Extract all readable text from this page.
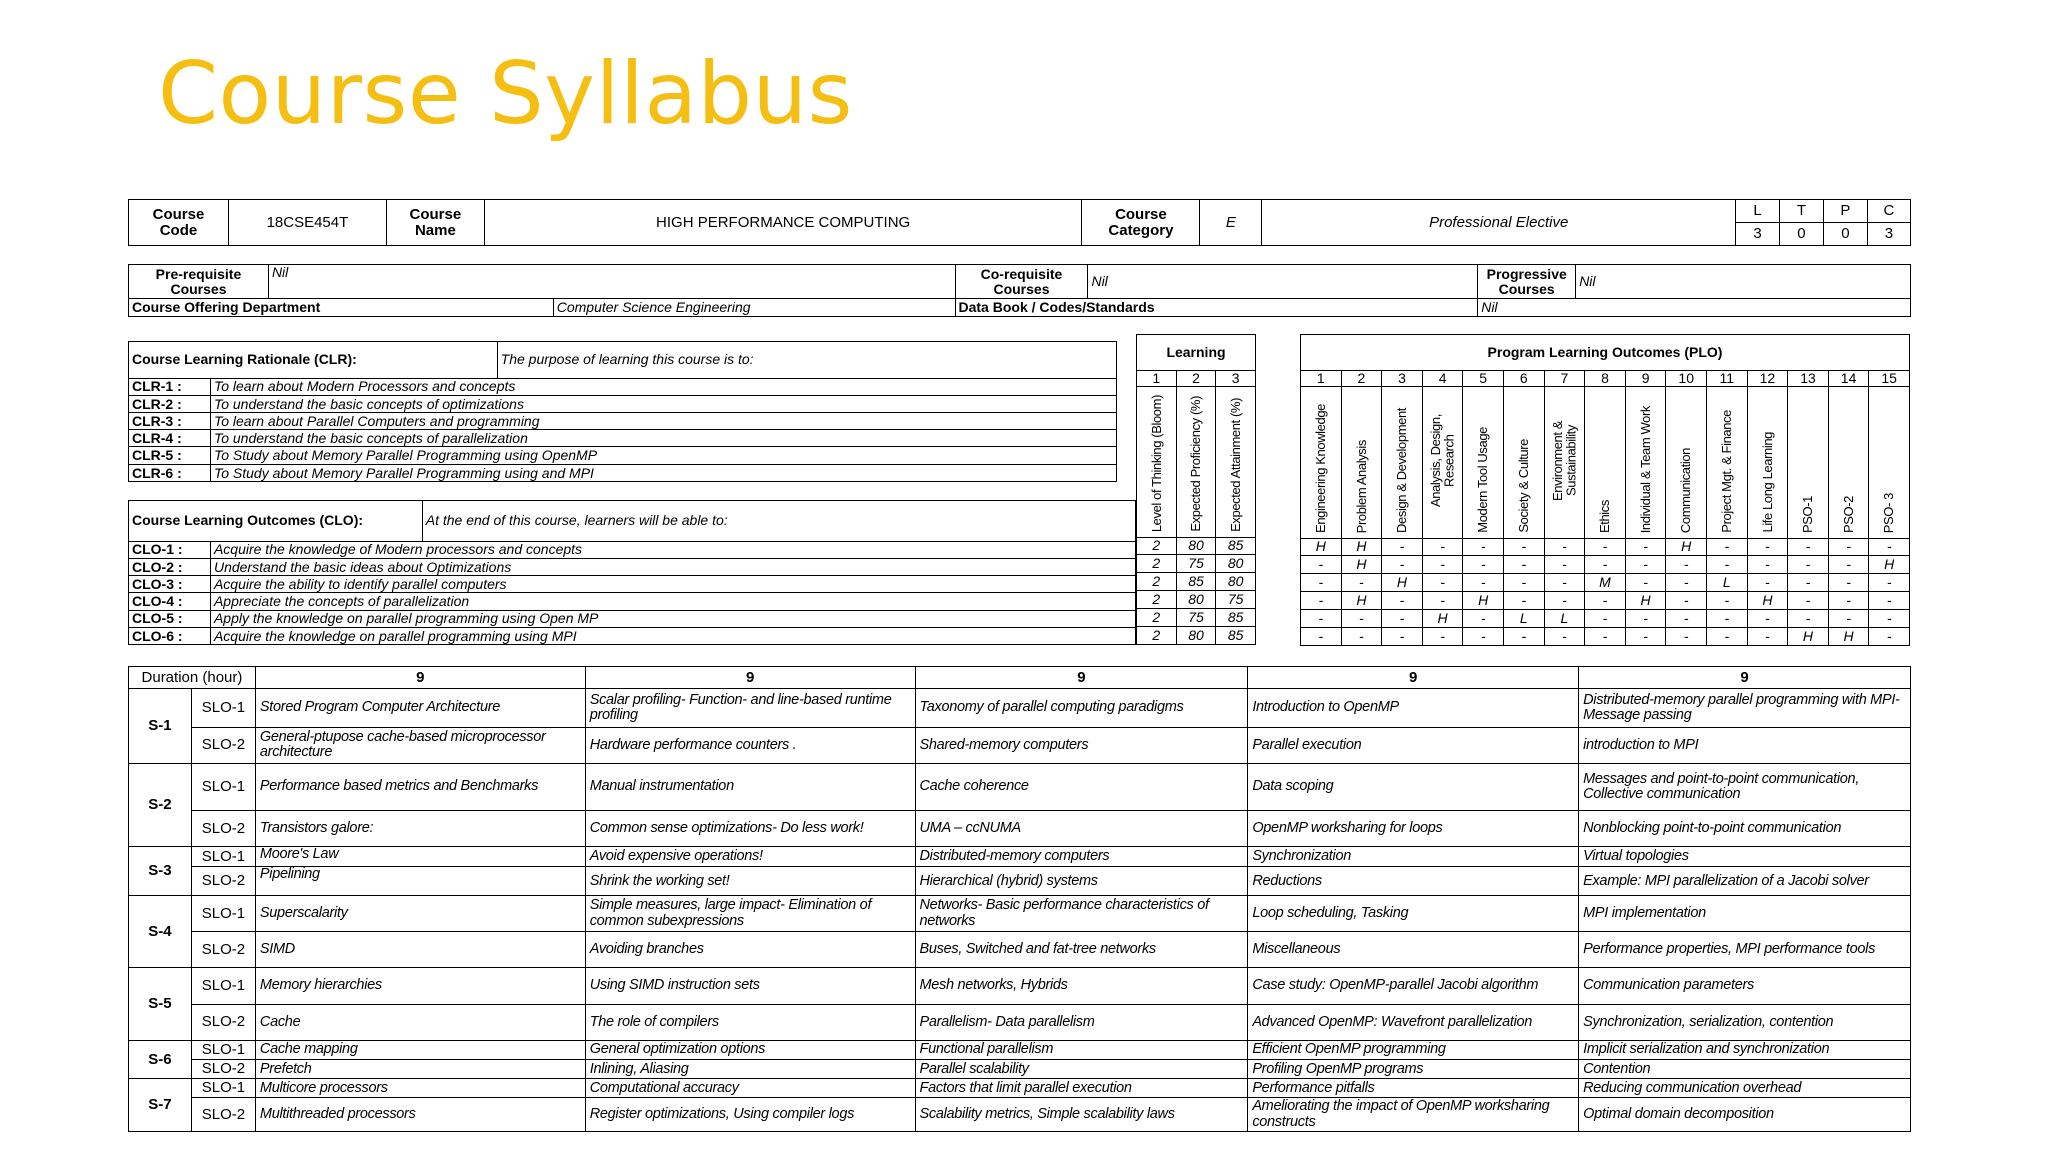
Course Syllabus
Course Code	18CSE454T	Course Name	HIGH PERFORMANCE COMPUTING	Course Category	E	Professional Elective	L	T	P	C
							3	0	0	3
Pre-requisite Courses	Nil		Co-requisite Courses	Nil	Progressive Courses	Nil
Course Offering Department		Computer Science Engineering	Data Book / Codes/Standards		Nil	
Course Learning Rationale (CLR):		The purpose of learning this course is to:
CLR-1 :	To learn about Modern Processors and concepts	
CLR-2 :	To understand the basic concepts of optimizations	
CLR-3 :	To learn about Parallel Computers and programming	
CLR-4 :	To understand the basic concepts of parallelization	
CLR-5 :	To Study about Memory Parallel Programming using OpenMP	
CLR-6 :	To Study about Memory Parallel Programming using and MPI	
Course Learning Outcomes (CLO):		At the end of this course, learners will be able to:
CLO-1 :	Acquire the knowledge of Modern processors and concepts	
CLO-2 :	Understand the basic ideas about Optimizations	
CLO-3 :	Acquire the ability to identify parallel computers	
CLO-4 :	Appreciate the concepts of parallelization	
CLO-5 :	Apply the knowledge on parallel programming using Open MP	
CLO-6 :	Acquire the knowledge on parallel programming using MPI	
Learning		
1	2	3
Level of Thinking (Bloom)	Expected Proficiency (%)	Expected Attainment (%)
2	80	85
2	75	80
2	85	80
2	80	75
2	75	85
2	80	85
Program Learning Outcomes (PLO)														
1	2	3	4	5	6	7	8	9	10	11	12	13	14	15
Engineering Knowledge	Problem Analysis	Design & Development	Analysis, Design, Research	Modern Tool Usage	Society & Culture	Environment & Sustainability	Ethics	Individual & Team Work	Communication	Project Mgt. & Finance	Life Long Learning	PSO-1	PSO-2	PSO- 3
H	H	-	-	-	-	-	-	-	H	-	-	-	-	-
-	H	-	-	-	-	-	-	-	-	-	-	-	-	H
-	-	H	-	-	-	-	M	-	-	L	-	-	-	-
-	H	-	-	H	-	-	-	H	-	-	H	-	-	-
-	-	-	H	-	L	L	-	-	-	-	-	-	-	-
-	-	-	-	-	-	-	-	-	-	-	-	H	H	-
Duration (hour)		9	9	9	9	9
S-1	SLO-1	Stored Program Computer Architecture	Scalar profiling- Function- and line-based runtime profiling	Taxonomy of parallel computing paradigms	Introduction to OpenMP	Distributed-memory parallel programming with MPI- Message passing
	SLO-2	General-ptupose cache-based microprocessor architecture	Hardware performance counters .	Shared-memory computers	Parallel execution	introduction to MPI
S-2	SLO-1	Performance based metrics and Benchmarks	Manual instrumentation	Cache coherence	Data scoping	Messages and point-to-point communication, Collective communication
	SLO-2	Transistors galore:	Common sense optimizations- Do less work!	UMA – ccNUMA	OpenMP worksharing for loops	Nonblocking point-to-point communication
S-3	SLO-1	Moore's Law	Avoid expensive operations!	Distributed-memory computers	Synchronization	Virtual topologies
	SLO-2	Pipelining	Shrink the working set!	Hierarchical (hybrid) systems	Reductions	Example: MPI parallelization of a Jacobi solver
S-4	SLO-1	Superscalarity	Simple measures, large impact- Elimination of common subexpressions	Networks- Basic performance characteristics of networks	Loop scheduling, Tasking	MPI implementation
	SLO-2	SIMD	Avoiding branches	Buses, Switched and fat-tree networks	Miscellaneous	Performance properties, MPI performance tools
S-5	SLO-1	Memory hierarchies	Using SIMD instruction sets	Mesh networks, Hybrids	Case study: OpenMP-parallel Jacobi algorithm	Communication parameters
	SLO-2	Cache	The role of compilers	Parallelism- Data parallelism	Advanced OpenMP: Wavefront parallelization	Synchronization, serialization, contention
S-6	SLO-1	Cache mapping	General optimization options	Functional parallelism	Efficient OpenMP programming	Implicit serialization and synchronization
	SLO-2	Prefetch	Inlining, Aliasing	Parallel scalability	Profiling OpenMP programs	Contention
S-7	SLO-1	Multicore processors	Computational accuracy	Factors that limit parallel execution	Performance pitfalls	Reducing communication overhead
	SLO-2	Multithreaded processors	Register optimizations, Using compiler logs	Scalability metrics, Simple scalability laws	Ameliorating the impact of OpenMP worksharing constructs	Optimal domain decomposition
